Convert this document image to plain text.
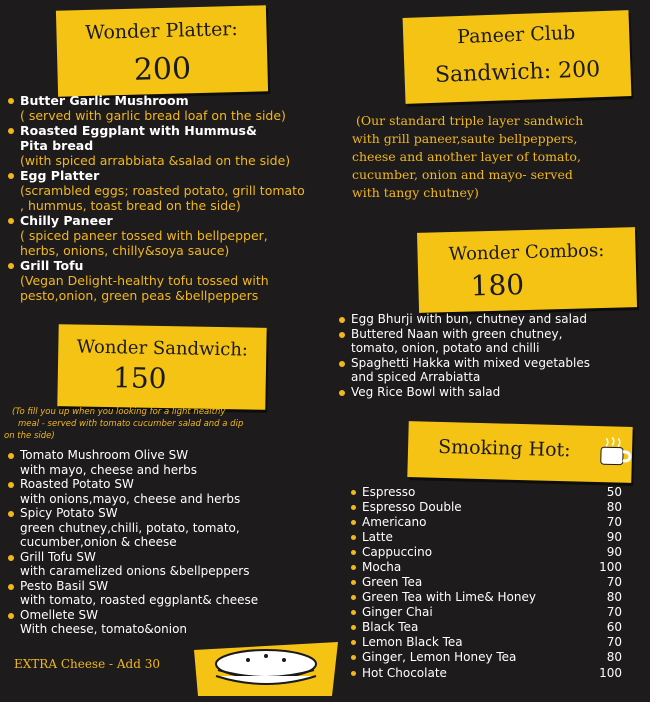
Wonder Platter:
200
Butter Garlic Mushroom
( served with garlic bread loaf on the side)
Roasted Eggplant with Hummus&
Pita bread
(with spiced arrabbiata &salad on the side)
Egg Platter
(scrambled eggs; roasted potato, grill tomato
, hummus, toast bread on the side)
Chilly Paneer
( spiced paneer tossed with bellpepper,
herbs, onions, chilly&soya sauce)
Grill Tofu
(Vegan Delight-healthy tofu tossed with
pesto,onion, green peas &bellpeppers
Paneer Club
Sandwich: 200
(Our standard triple layer sandwich
with grill paneer,saute bellpeppers,
cheese and another layer of tomato,
cucumber, onion and mayo- served
with tangy chutney)
Wonder Combos:
180
Egg Bhurji with bun, chutney and salad
Buttered Naan with green chutney,
tomato, onion, potato and chilli
Spaghetti Hakka with mixed vegetables
and spiced Arrabiatta
Veg Rice Bowl with salad
Wonder Sandwich:
150
(To fill you up when you looking for a light healthy
meal - served with tomato cucumber salad and a dip
on the side)
Tomato Mushroom Olive SW
with mayo, cheese and herbs
Roasted Potato SW
with onions,mayo, cheese and herbs
Spicy Potato SW
green chutney,chilli, potato, tomato,
cucumber,onion & cheese
Grill Tofu SW
with caramelized onions &bellpeppers
Pesto Basil SW
with tomato, roasted eggplant& cheese
Omellete SW
With cheese, tomato&onion
EXTRA Cheese - Add 30
Smoking Hot:
Espresso	50
Espresso Double	80
Americano	70
Latte	90
Cappuccino	90
Mocha	100
Green Tea	70
Green Tea with Lime& Honey	80
Ginger Chai	70
Black Tea	60
Lemon Black Tea	70
Ginger, Lemon Honey Tea	80
Hot Chocolate	100
